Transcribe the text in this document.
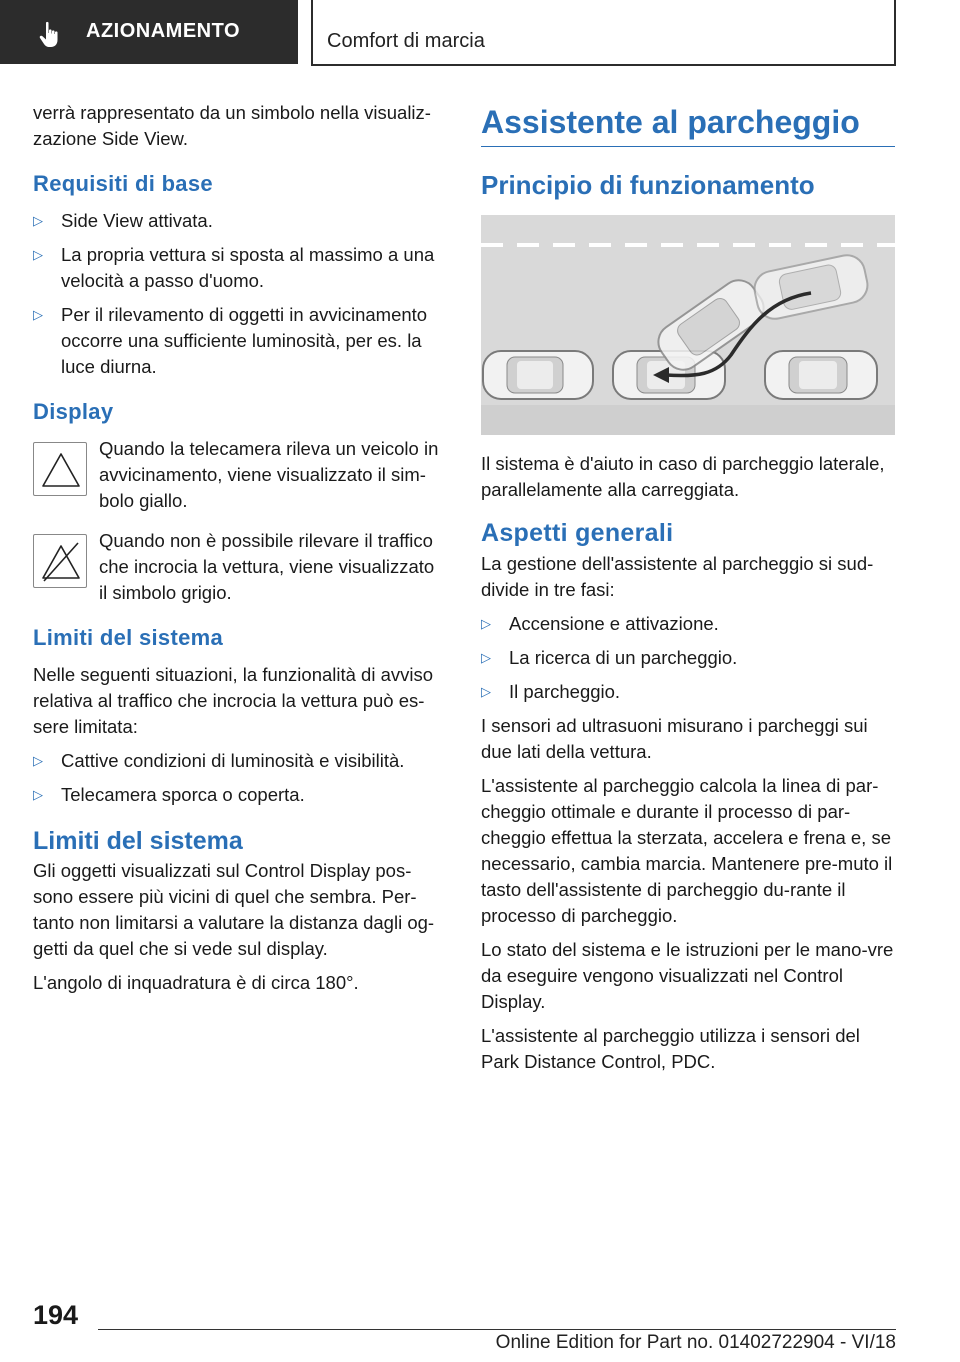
AZIONAMENTO	Comfort di marcia

verrà rappresentato da un simbolo nella visualiz-zazione Side View.

Requisiti di base
▷ Side View attivata.
▷ La propria vettura si sposta al massimo a una velocità a passo d'uomo.
▷ Per il rilevamento di oggetti in avvicinamento occorre una sufficiente luminosità, per es. la luce diurna.
Display
Quando la telecamera rileva un veicolo in avvicinamento, viene visualizzato il sim-bolo giallo.
Quando non è possibile rilevare il traffico che incrocia la vettura, viene visualizzato il simbolo grigio.
Limiti del sistema

Nelle seguenti situazioni, la funzionalità di avviso relativa al traffico che incrocia la vettura può es-sere limitata:

▷ Cattive condizioni di luminosità e visibilità.
▷ Telecamera sporca o coperta.
Limiti del sistema

Gli oggetti visualizzati sul Control Display pos-sono essere più vicini di quel che sembra. Per-tanto non limitarsi a valutare la distanza dagli og-getti da quel che si vede sul display.

L'angolo di inquadratura è di circa 180°.

Assistente al parcheggio
Principio di funzionamento

Il sistema è d'aiuto in caso di parcheggio laterale, parallelamente alla carreggiata.

Aspetti generali

La gestione dell'assistente al parcheggio si sud-divide in tre fasi:

▷ Accensione e attivazione.
▷ La ricerca di un parcheggio.
▷ Il parcheggio.

I sensori ad ultrasuoni misurano i parcheggi sui due lati della vettura.

L'assistente al parcheggio calcola la linea di par-cheggio ottimale e durante il processo di par-cheggio effettua la sterzata, accelera e frena e, se necessario, cambia marcia. Mantenere pre-muto il tasto dell'assistente di parcheggio du-rante il processo di parcheggio.

Lo stato del sistema e le istruzioni per le mano-vre da eseguire vengono visualizzati nel Control Display.

L'assistente al parcheggio utilizza i sensori del Park Distance Control, PDC.

194
Online Edition for Part no. 01402722904 - VI/18
